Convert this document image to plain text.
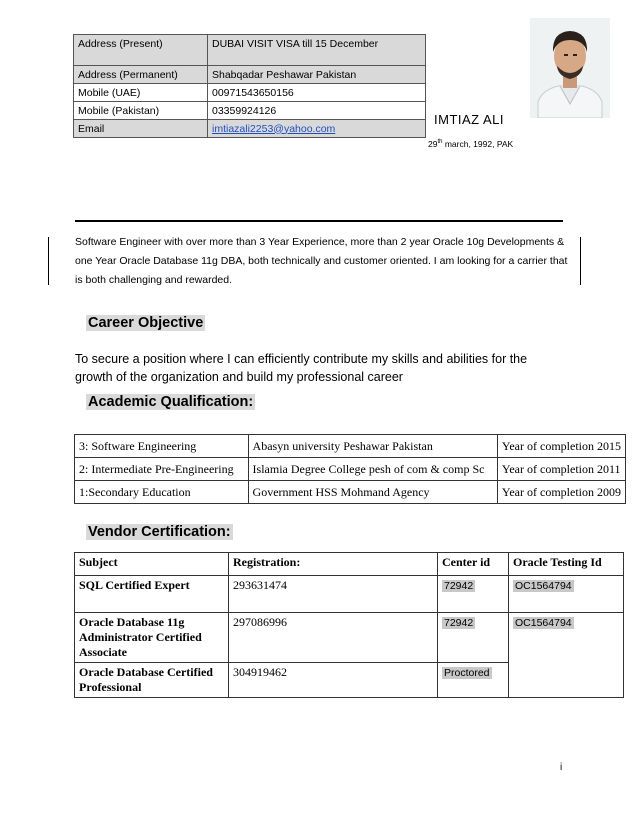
Address (Present)	DUBAI VISIT VISA till 15 December
Address (Permanent)	Shabqadar Peshawar Pakistan
Mobile (UAE)	00971543650156
Mobile (Pakistan)	03359924126
Email	imtiazali2253@yahoo.com
IMTIAZ ALI
29th march, 1992, PAK
Software Engineer with over more than 3 Year Experience, more than 2 year Oracle 10g Developments & one Year Oracle Database 11g DBA, both technically and customer oriented. I am looking for a carrier that is both challenging and rewarded.
Career Objective
To secure a position where I can efficiently contribute my skills and abilities for the growth of the organization and build my professional career
Academic Qualification:
3: Software Engineering	Abasyn university Peshawar Pakistan	Year of completion 2015
2: Intermediate Pre-Engineering	Islamia Degree College pesh of com & comp Sc	Year of completion 2011
1:Secondary Education	Government HSS Mohmand Agency	Year of completion 2009
Vendor Certification:
Subject	Registration:	Center id	Oracle Testing Id
SQL Certified Expert	293631474	72942	OC1564794
Oracle Database 11g Administrator Certified Associate	297086996	72942	OC1564794
Oracle Database Certified Professional	304919462	Proctored	
i
